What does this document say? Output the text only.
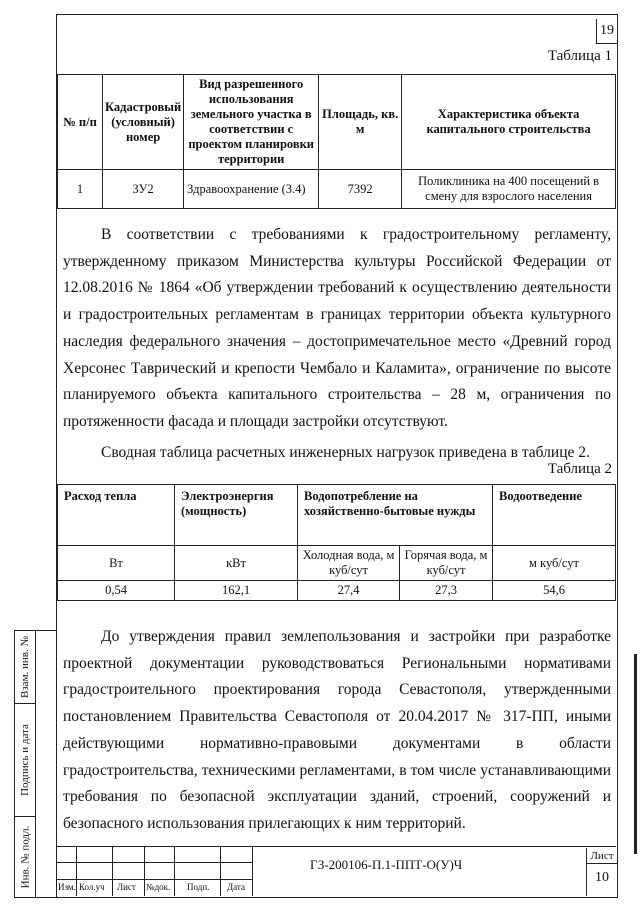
19
Таблица 1
№ п/п	Кадастровый (условный) номер	Вид разрешенного использования земельного участка в соответствии с проектом планировки территории	Площадь, кв. м	Характеристика объекта капитального строительства
1	ЗУ2	Здравоохранение (3.4)	7392	Поликлиника на 400 посещений в смену для взрослого населения

В соответствии с требованиями к градостроительному регламенту, утвержденному приказом Министерства культуры Российской Федерации от 12.08.2016 № 1864 «Об утверждении требований к осуществлению деятельности и градостроительных регламентам в границах территории объекта культурного наследия федерального значения – достопримечательное место «Древний город Херсонес Таврический и крепости Чембало и Каламита», ограничение по высоте планируемого объекта капитального строительства – 28 м, ограничения по протяженности фасада и площади застройки отсутствуют.

Сводная таблица расчетных инженерных нагрузок приведена в таблице 2.

Таблица 2
Расход тепла	Электроэнергия (мощность)	Водопотребление на хозяйственно-бытовые нужды		Водоотведение
Вт	кВт	Холодная вода, м куб/сут	Горячая вода, м куб/сут	м куб/сут
0,54	162,1	27,4	27,3	54,6

До утверждения правил землепользования и застройки при разработке проектной документации руководствоваться Региональными нормативами градостроительного проектирования города Севастополя, утвержденными постановлением Правительства Севастополя от 20.04.2017 № 317-ПП, иными действующими нормативно-правовыми документами в области градостроительства, техническими регламентами, в том числе устанавливающими требования по безопасной эксплуатации зданий, строений, сооружений и безопасного использования прилегающих к ним территорий.

Взам. инв. №
Подпись и дата
Инв. № подл.	Изм. Кол.уч Лист №док. Подп. Дата
ГЗ-200106-П.1-ППТ-О(У)Ч
Лист
10
